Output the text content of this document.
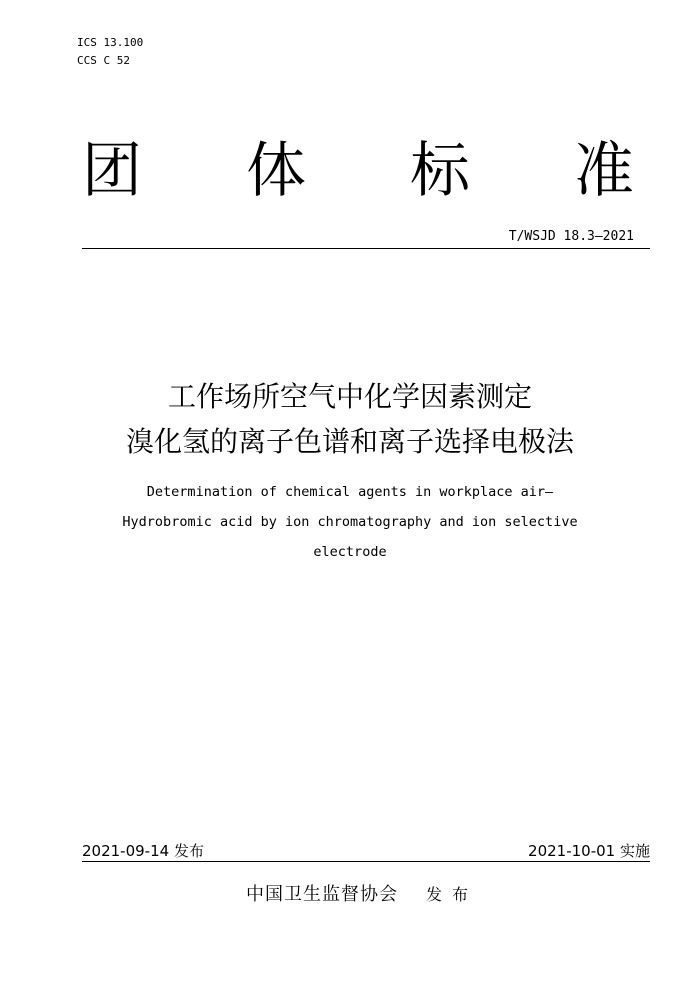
ICS 13.100
CCS C 52
团 体 标 准
T/WSJD 18.3—2021
工作场所空气中化学因素测定
溴化氢的离子色谱和离子选择电极法
Determination of chemical agents in workplace air—
Hydrobromic acid by ion chromatography and ion selective
electrode
2021-09-14 发布	2021-10-01 实施
中国卫生监督协会 发布
